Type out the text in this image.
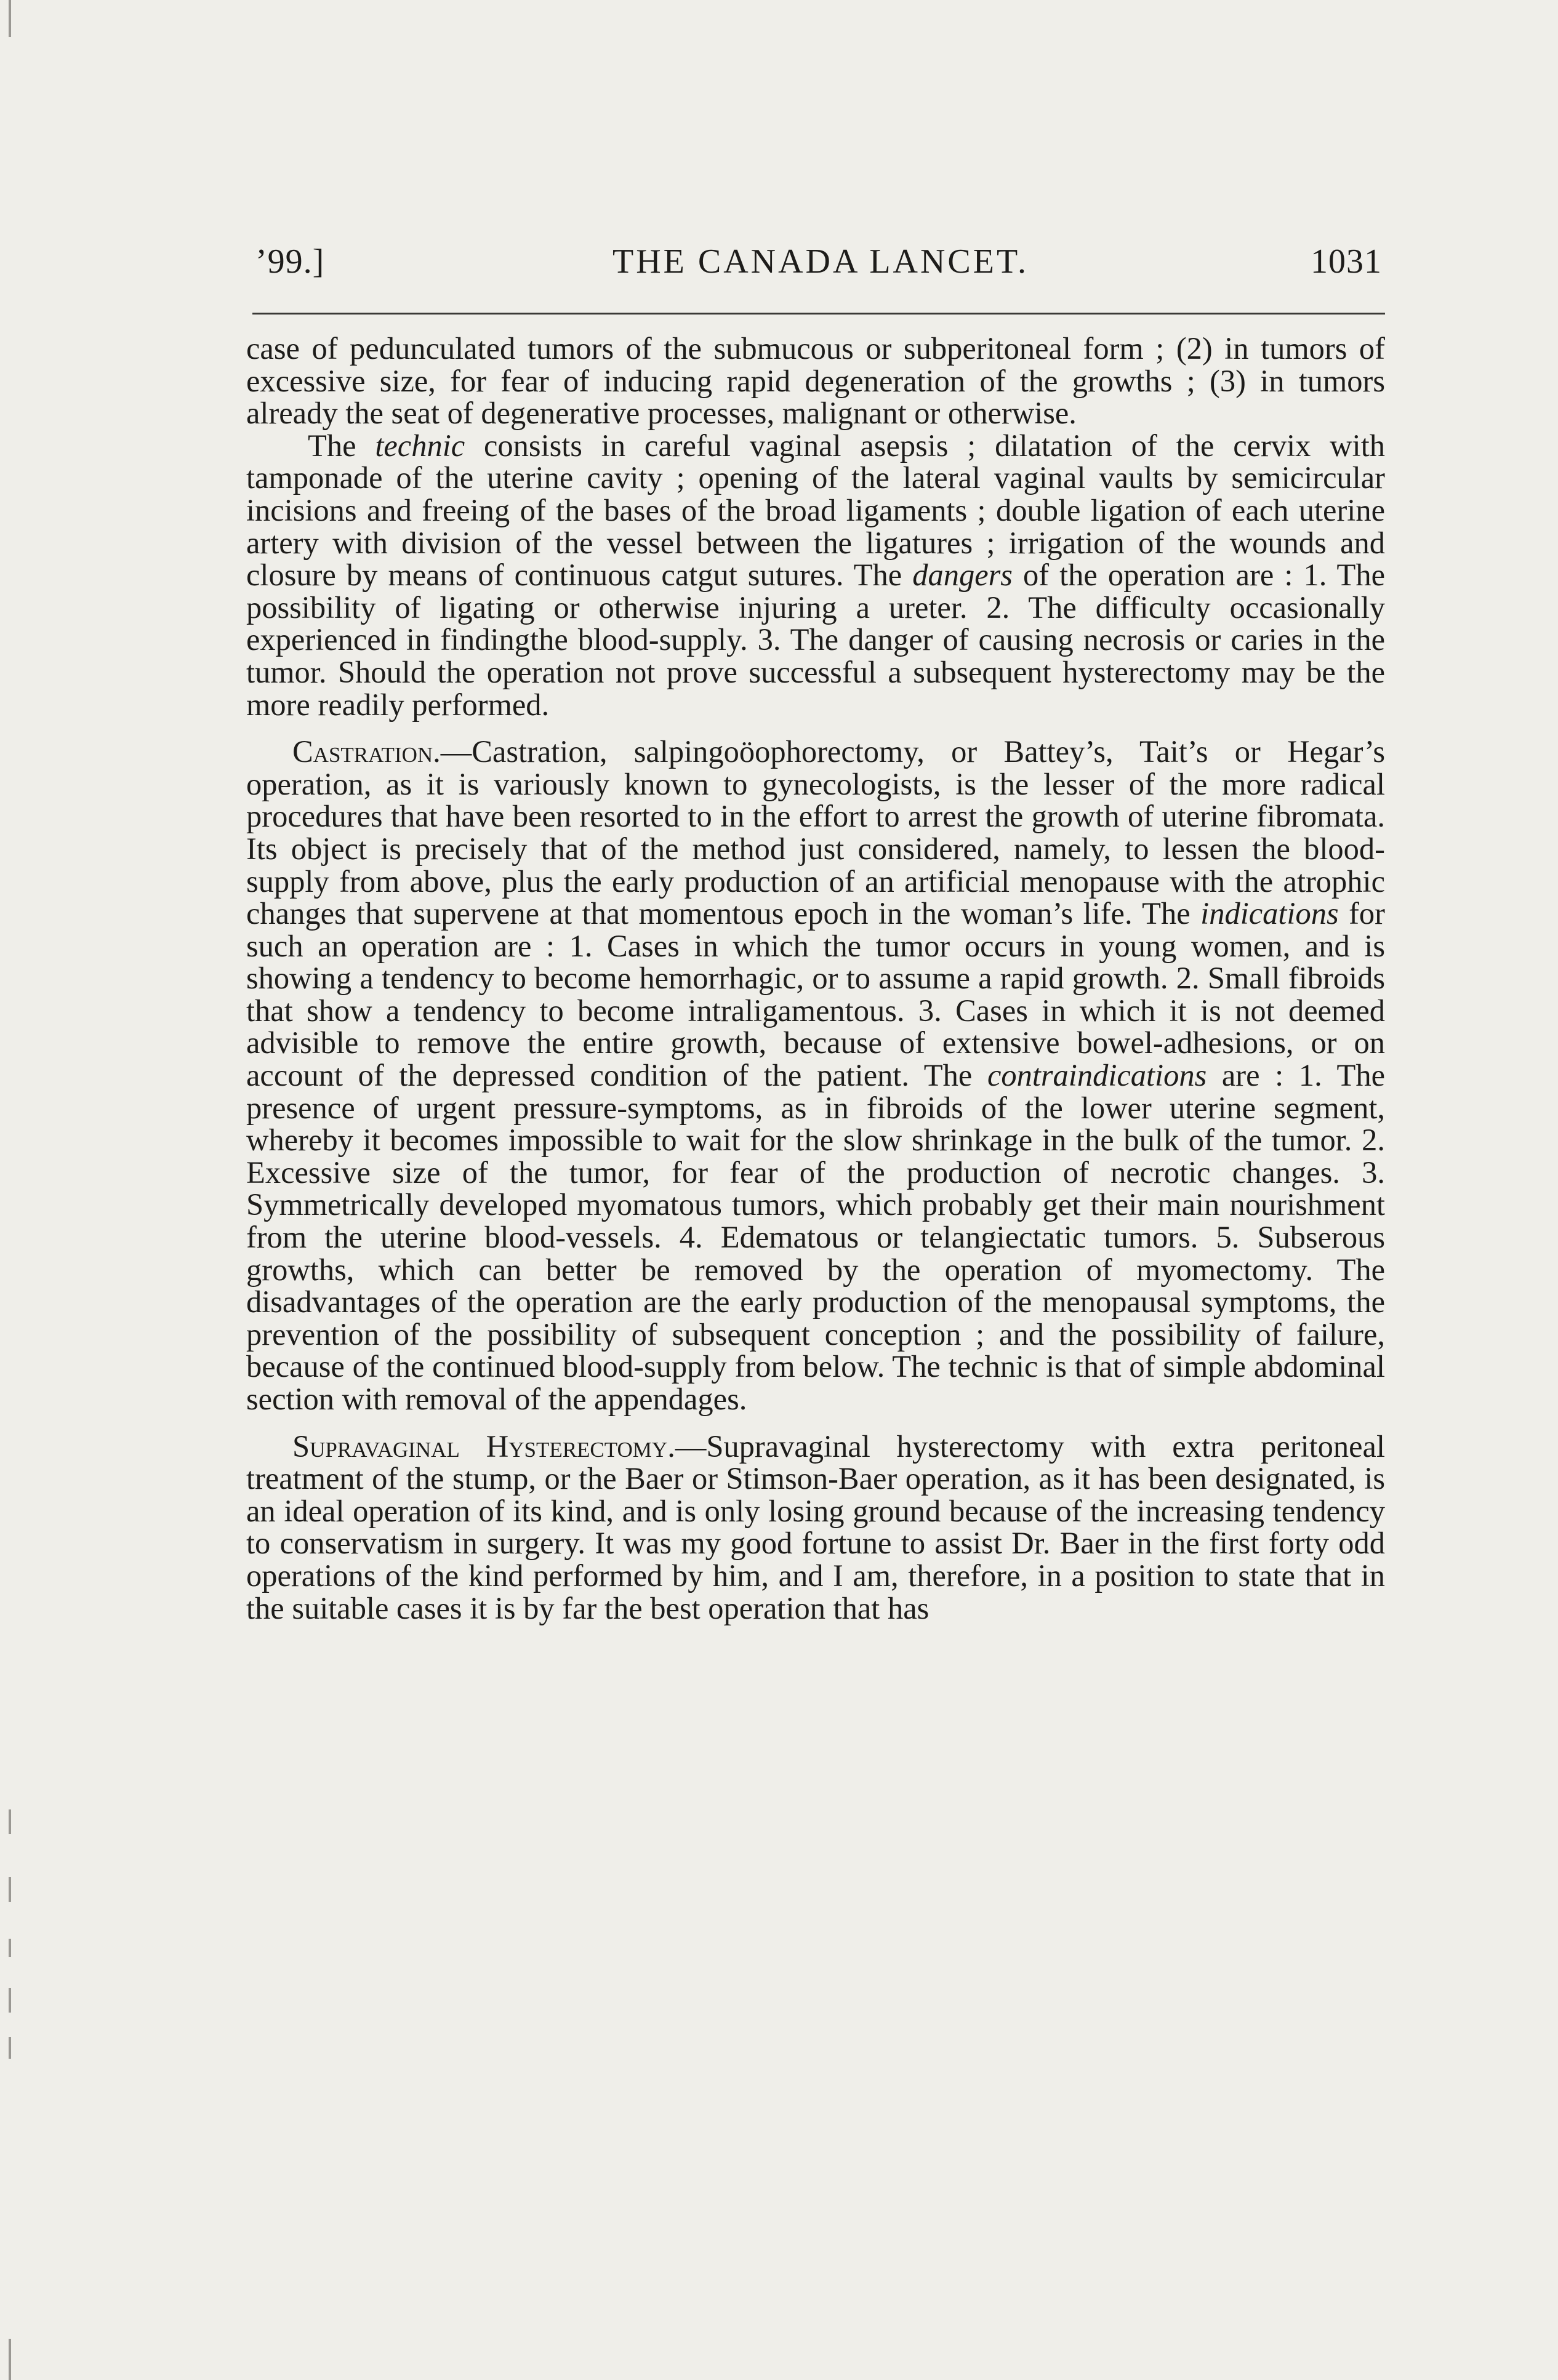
’99.]	THE CANADA LANCET.	1031

case of pedunculated tumors of the submucous or subperitoneal form ; (2) in tumors of excessive size, for fear of inducing rapid degeneration of the growths ; (3) in tumors already the seat of degenerative processes, malignant or otherwise.

The technic consists in careful vaginal asepsis ; dilatation of the cervix with tamponade of the uterine cavity ; opening of the lateral vaginal vaults by semicircular incisions and freeing of the bases of the broad ligaments ; double ligation of each uterine artery with division of the vessel between the ligatures ; irrigation of the wounds and closure by means of continuous catgut sutures. The dangers of the operation are : 1. The possibility of ligating or otherwise injuring a ureter. 2. The difficulty occasionally experienced in findingthe blood-supply. 3. The danger of causing necrosis or caries in the tumor. Should the operation not prove successful a subsequent hysterectomy may be the more readily performed.

Castration.—Castration, salpingoöophorectomy, or Battey’s, Tait’s or Hegar’s operation, as it is variously known to gynecologists, is the lesser of the more radical procedures that have been resorted to in the effort to arrest the growth of uterine fibromata. Its object is precisely that of the method just considered, namely, to lessen the blood-supply from above, plus the early production of an artificial menopause with the atrophic changes that supervene at that momentous epoch in the woman’s life. The indications for such an operation are : 1. Cases in which the tumor occurs in young women, and is showing a tendency to become hemorrhagic, or to assume a rapid growth. 2. Small fibroids that show a tendency to become intraligamentous. 3. Cases in which it is not deemed advisible to remove the entire growth, because of extensive bowel-adhesions, or on account of the depressed condition of the patient. The contraindications are : 1. The presence of urgent pressure-symptoms, as in fibroids of the lower uterine segment, whereby it becomes impossible to wait for the slow shrinkage in the bulk of the tumor. 2. Excessive size of the tumor, for fear of the production of necrotic changes. 3. Symmetrically developed myomatous tumors, which probably get their main nourishment from the uterine blood-vessels. 4. Edematous or telangiectatic tumors. 5. Subserous growths, which can better be removed by the operation of myomectomy. The disadvantages of the operation are the early production of the menopausal symptoms, the prevention of the possibility of subsequent conception ; and the possibility of failure, because of the continued blood-supply from below. The technic is that of simple abdominal section with removal of the appendages.

Supravaginal Hysterectomy.—Supravaginal hysterectomy with extra peritoneal treatment of the stump, or the Baer or Stimson-Baer operation, as it has been designated, is an ideal operation of its kind, and is only losing ground because of the increasing tendency to conservatism in surgery. It was my good fortune to assist Dr. Baer in the first forty odd operations of the kind performed by him, and I am, therefore, in a position to state that in the suitable cases it is by far the best operation that has
